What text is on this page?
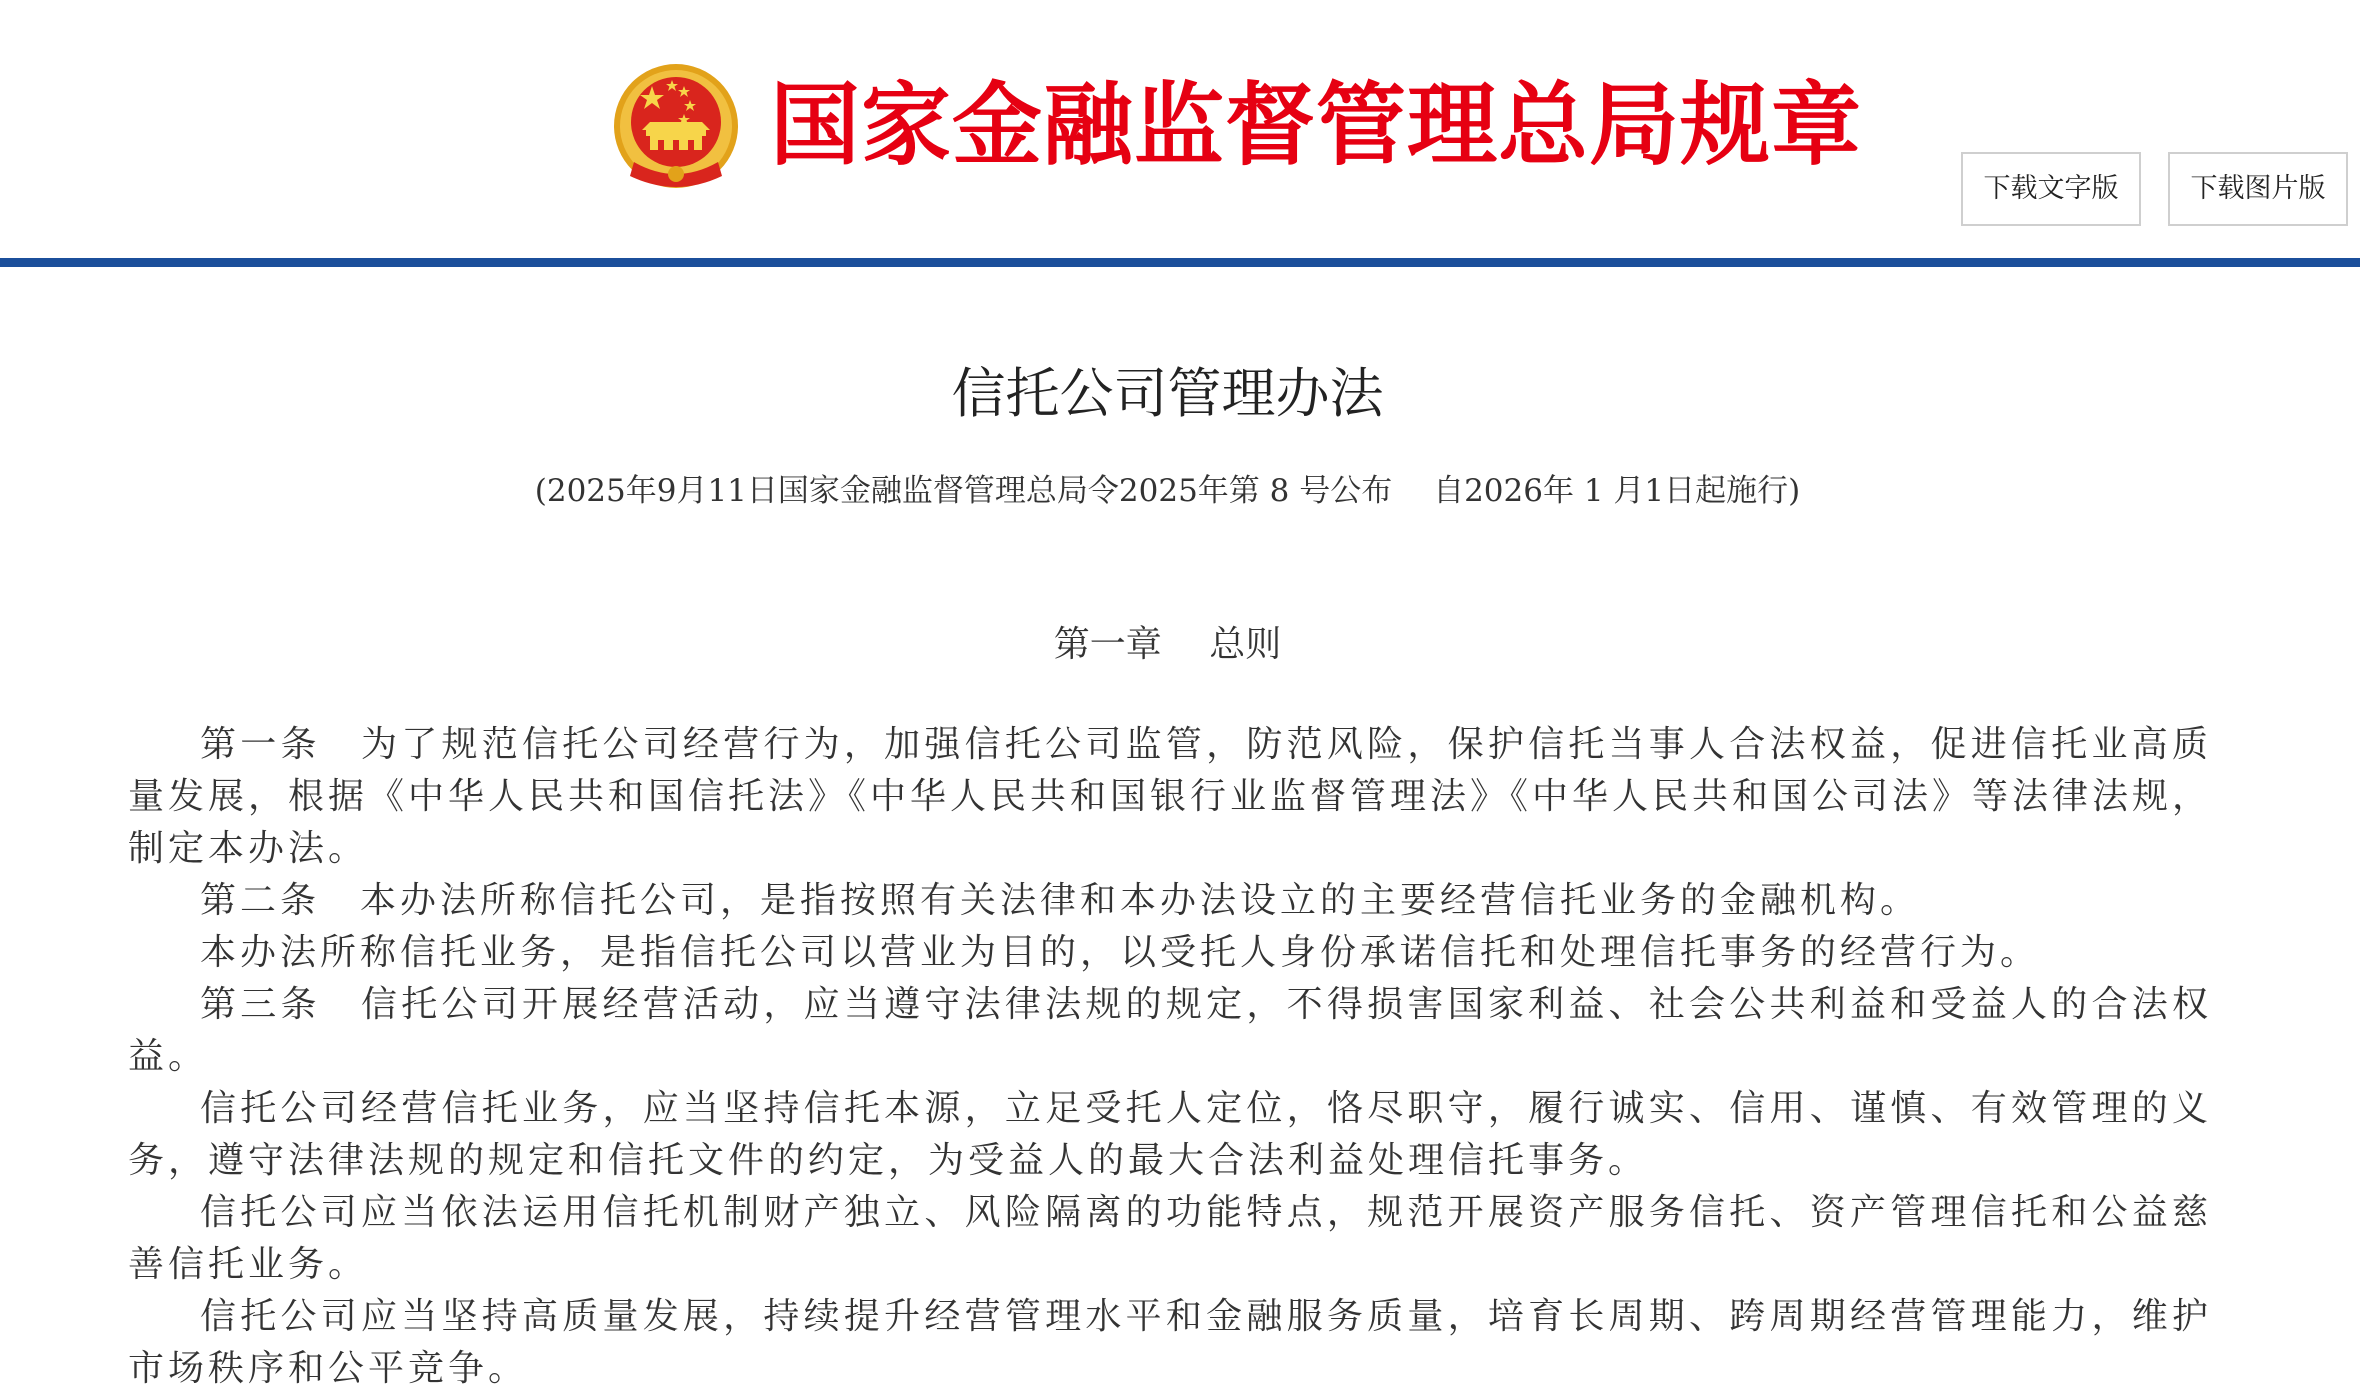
国家金融监督管理总局规章
下载文字版	下载图片版
信托公司管理办法
(2025年9月11日国家金融监督管理总局令2025年第 8 号公布　 自2026年 1 月1日起施行)
第一章　 总则

第一条　为了规范信托公司经营行为，加强信托公司监管，防范风险，保护信托当事人合法权益，促进信托业高质量发展，根据《中华人民共和国信托法》《中华人民共和国银行业监督管理法》《中华人民共和国公司法》等法律法规，制定本办法。

第二条　本办法所称信托公司，是指按照有关法律和本办法设立的主要经营信托业务的金融机构。

本办法所称信托业务，是指信托公司以营业为目的，以受托人身份承诺信托和处理信托事务的经营行为。

第三条　信托公司开展经营活动，应当遵守法律法规的规定，不得损害国家利益、社会公共利益和受益人的合法权益。

信托公司经营信托业务，应当坚持信托本源，立足受托人定位，恪尽职守，履行诚实、信用、谨慎、有效管理的义务，遵守法律法规的规定和信托文件的约定，为受益人的最大合法利益处理信托事务。

信托公司应当依法运用信托机制财产独立、风险隔离的功能特点，规范开展资产服务信托、资产管理信托和公益慈善信托业务。

信托公司应当坚持高质量发展，持续提升经营管理水平和金融服务质量，培育长周期、跨周期经营管理能力，维护市场秩序和公平竞争。
